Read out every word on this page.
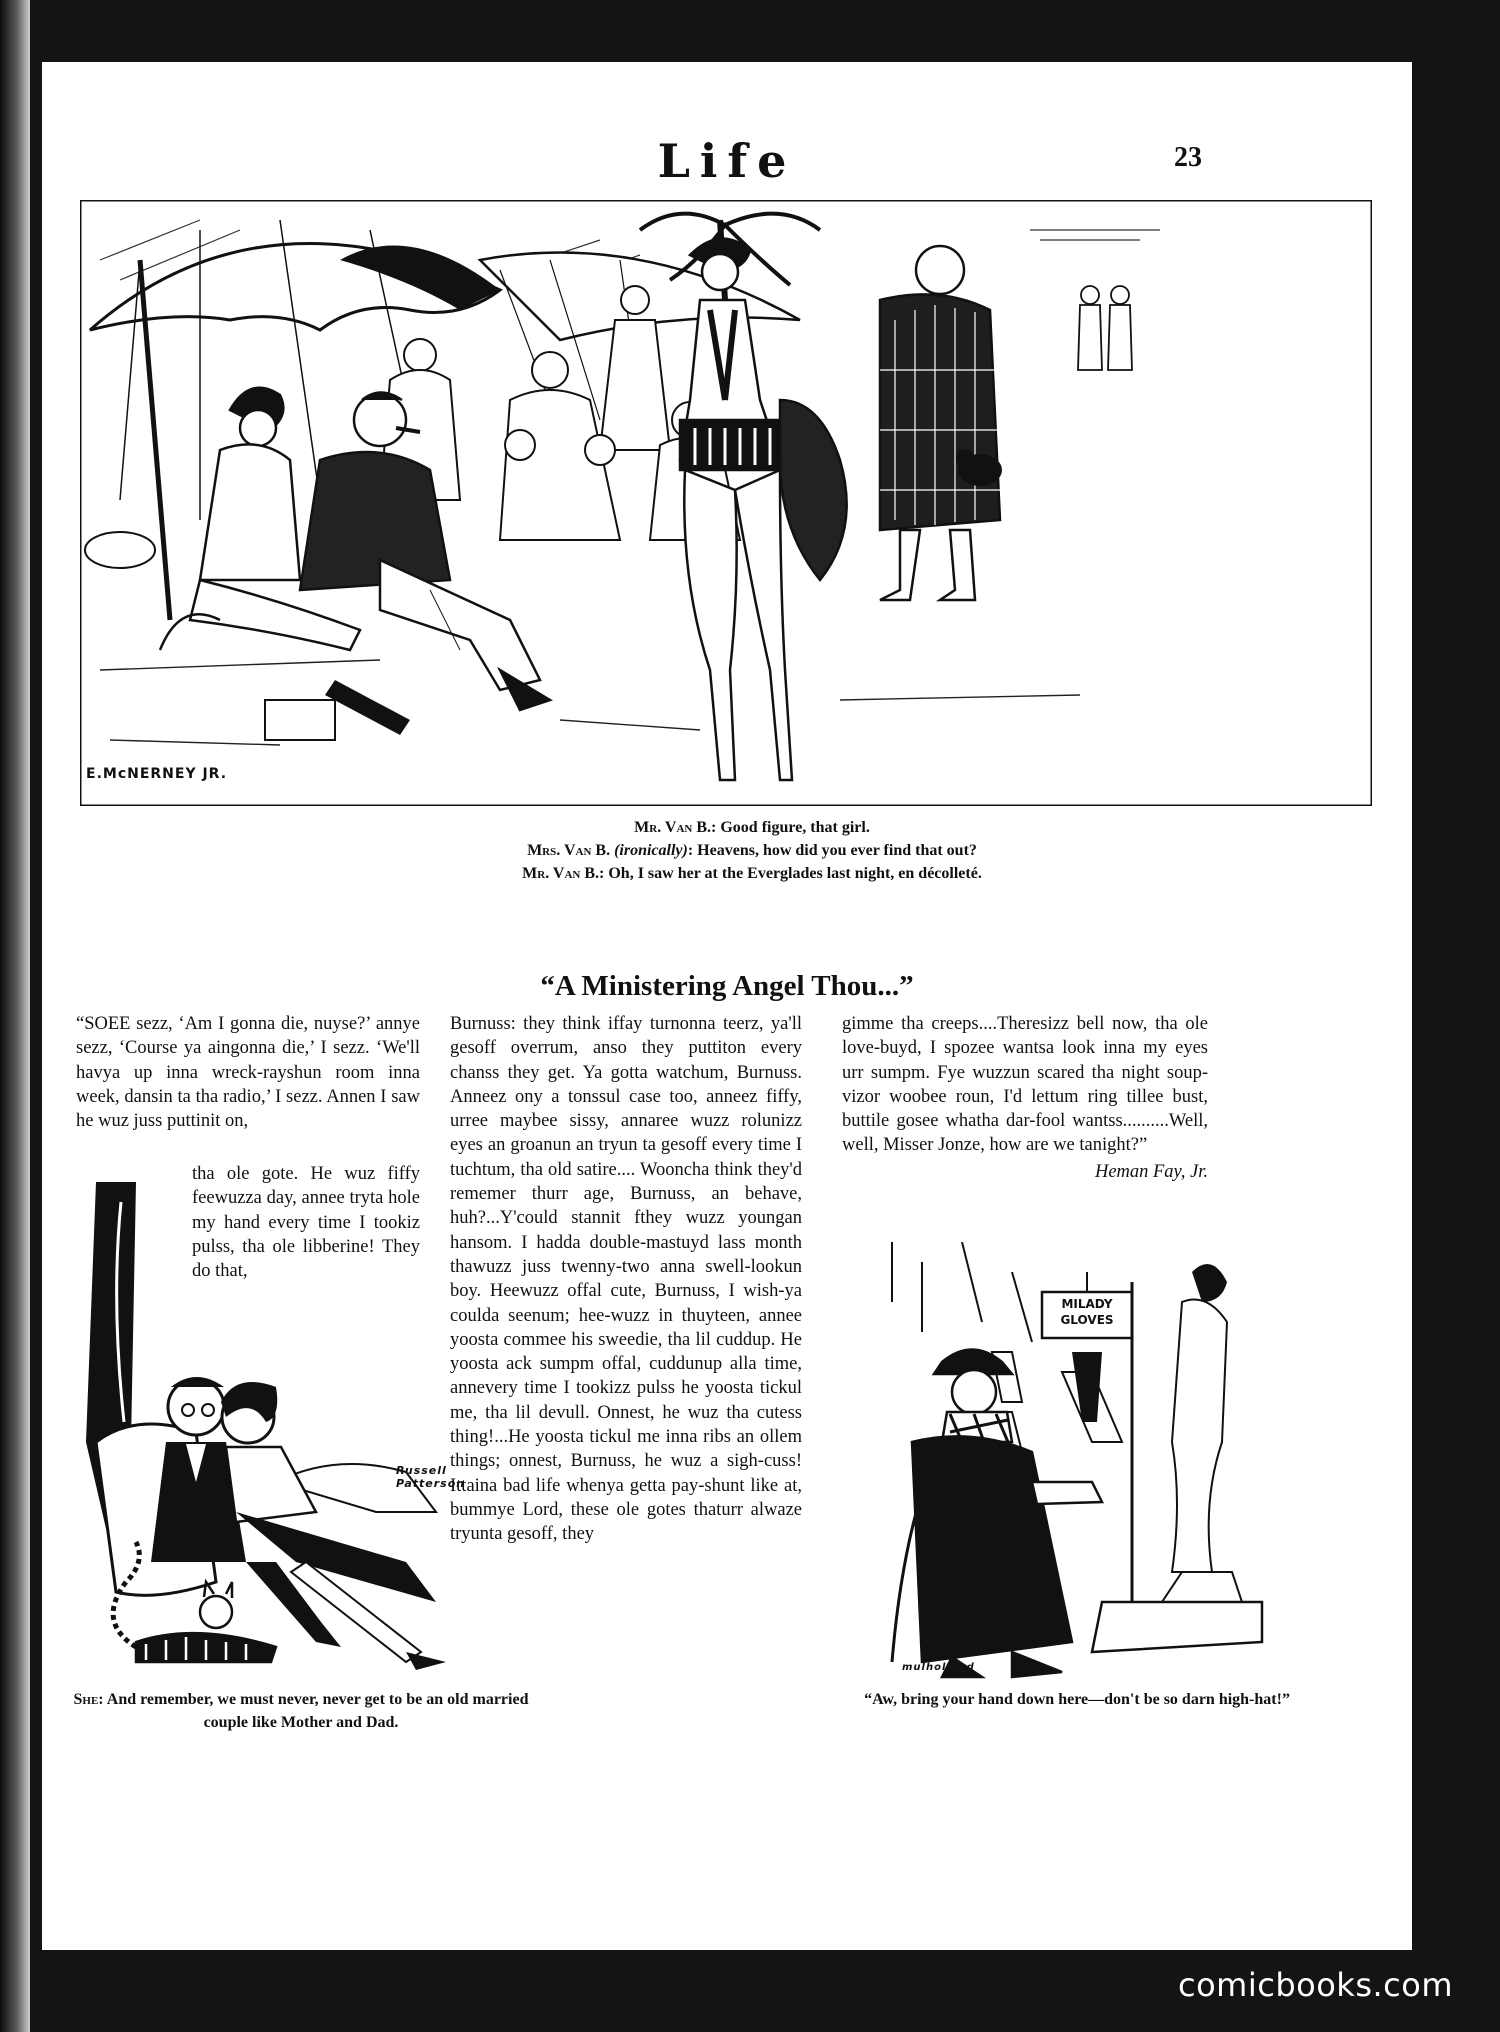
Life	23
E.McNERNEY JR.
Mr. Van B.: Good figure, that girl.
Mrs. Van B. (ironically): Heavens, how did you ever find that out?
Mr. Van B.: Oh, I saw her at the Everglades last night, en décolleté.
“A Ministering Angel Thou...”

“SOEE sezz, ‘Am I gonna die, nuyse?’ annye sezz, ‘Course ya aingonna die,’ I sezz. ‘We'll havya up inna wreck-rayshun room inna week, dansin ta tha radio,’ I sezz. Annen I saw he wuz juss puttinit on,

tha ole gote. He wuz fiffy feewuzza day, annee tryta hole my hand every time I tookiz pulss, tha ole libberine! They do that,

Russell Patterson
She: And remember, we must never, never get to be an old married couple like Mother and Dad.

Burnuss: they think iffay turnonna teerz, ya'll gesoff overrum, anso they puttiton every chanss they get. Ya gotta watchum, Burnuss. Anneez ony a tonssul case too, anneez fiffy, urree maybee sissy, annaree wuzz rolunizz eyes an groanun an tryun ta gesoff every time I tuchtum, tha old satire.... Wooncha think they'd rememer thurr age, Burnuss, an behave, huh?...Y'could stannit fthey wuzz youngan hansom. I hadda double-mastuyd lass month thawuzz juss twenny-two anna swell-lookun boy. Heewuzz offal cute, Burnuss, I wish-ya coulda seenum; hee-wuzz in thuyteen, annee yoosta commee his sweedie, tha lil cuddup. He yoosta ack sumpm offal, cuddunup alla time, annevery time I tookizz pulss he yoosta tickul me, tha lil devull. Onnest, he wuz tha cutess thing!...He yoosta tickul me inna ribs an ollem things; onnest, Burnuss, he wuz a sigh-cuss! Ittaina bad life whenya getta pay-shunt like at, bummye Lord, these ole gotes thaturr alwaze tryunta gesoff, they

gimme tha creeps....Theresizz bell now, tha ole love-buyd, I spozee wantsa look inna my eyes urr sumpm. Fye wuzzun scared tha night soup-vizor woobee roun, I'd lettum ring tillee bust, buttile gosee whatha dar-fool wantss..........Well, well, Misser Jonze, how are we tanight?”

Heman Fay, Jr.
MILADY GLOVES
mulholland
“Aw, bring your hand down here—don't be so darn high-hat!”
comicbooks.com
